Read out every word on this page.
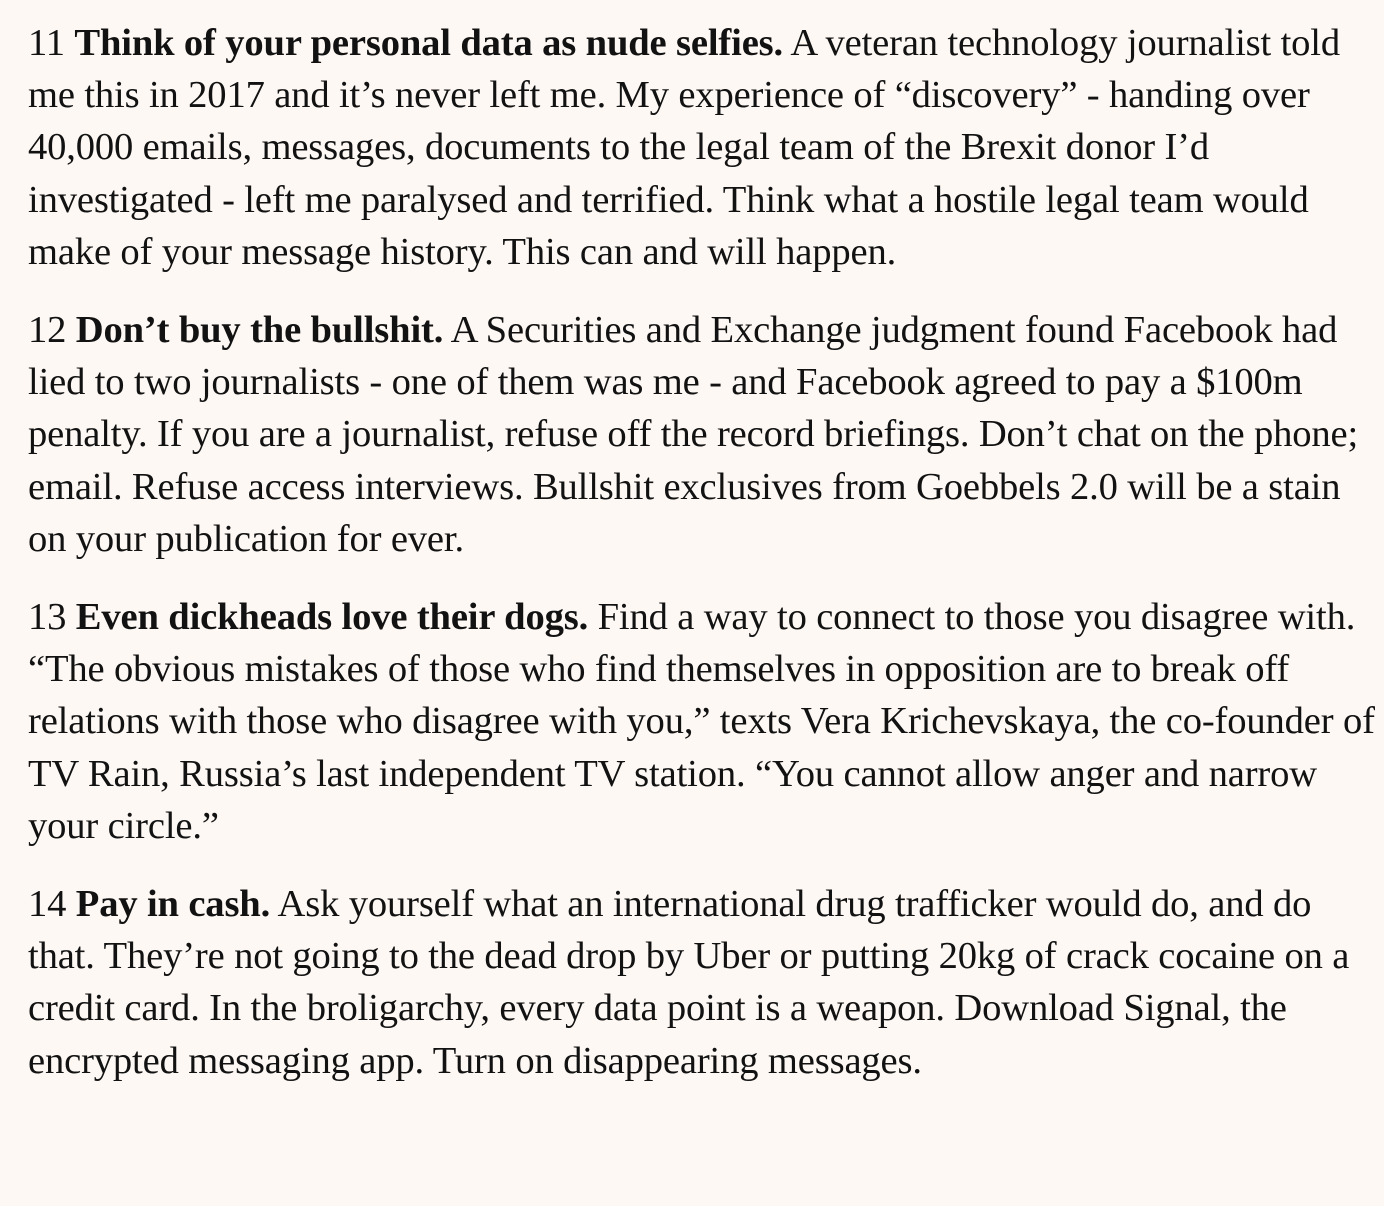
11 Think of your personal data as nude selfies. A veteran technology journalist told me this in 2017 and it’s never left me. My experience of “discovery” - handing over 40,000 emails, messages, documents to the legal team of the Brexit donor I’d investigated - left me paralysed and terrified. Think what a hostile legal team would make of your message history. This can and will happen.

12 Don’t buy the bullshit. A Securities and Exchange judgment found Facebook had lied to two journalists - one of them was me - and Facebook agreed to pay a $100m penalty. If you are a journalist, refuse off the record briefings. Don’t chat on the phone; email. Refuse access interviews. Bullshit exclusives from Goebbels 2.0 will be a stain on your publication for ever.

13 Even dickheads love their dogs. Find a way to connect to those you disagree with. “The obvious mistakes of those who find themselves in opposition are to break off relations with those who disagree with you,” texts Vera Krichevskaya, the co-founder of TV Rain, Russia’s last independent TV station. “You cannot allow anger and narrow your circle.”

14 Pay in cash. Ask yourself what an international drug trafficker would do, and do that. They’re not going to the dead drop by Uber or putting 20kg of crack cocaine on a credit card. In the broligarchy, every data point is a weapon. Download Signal, the encrypted messaging app. Turn on disappearing messages.
